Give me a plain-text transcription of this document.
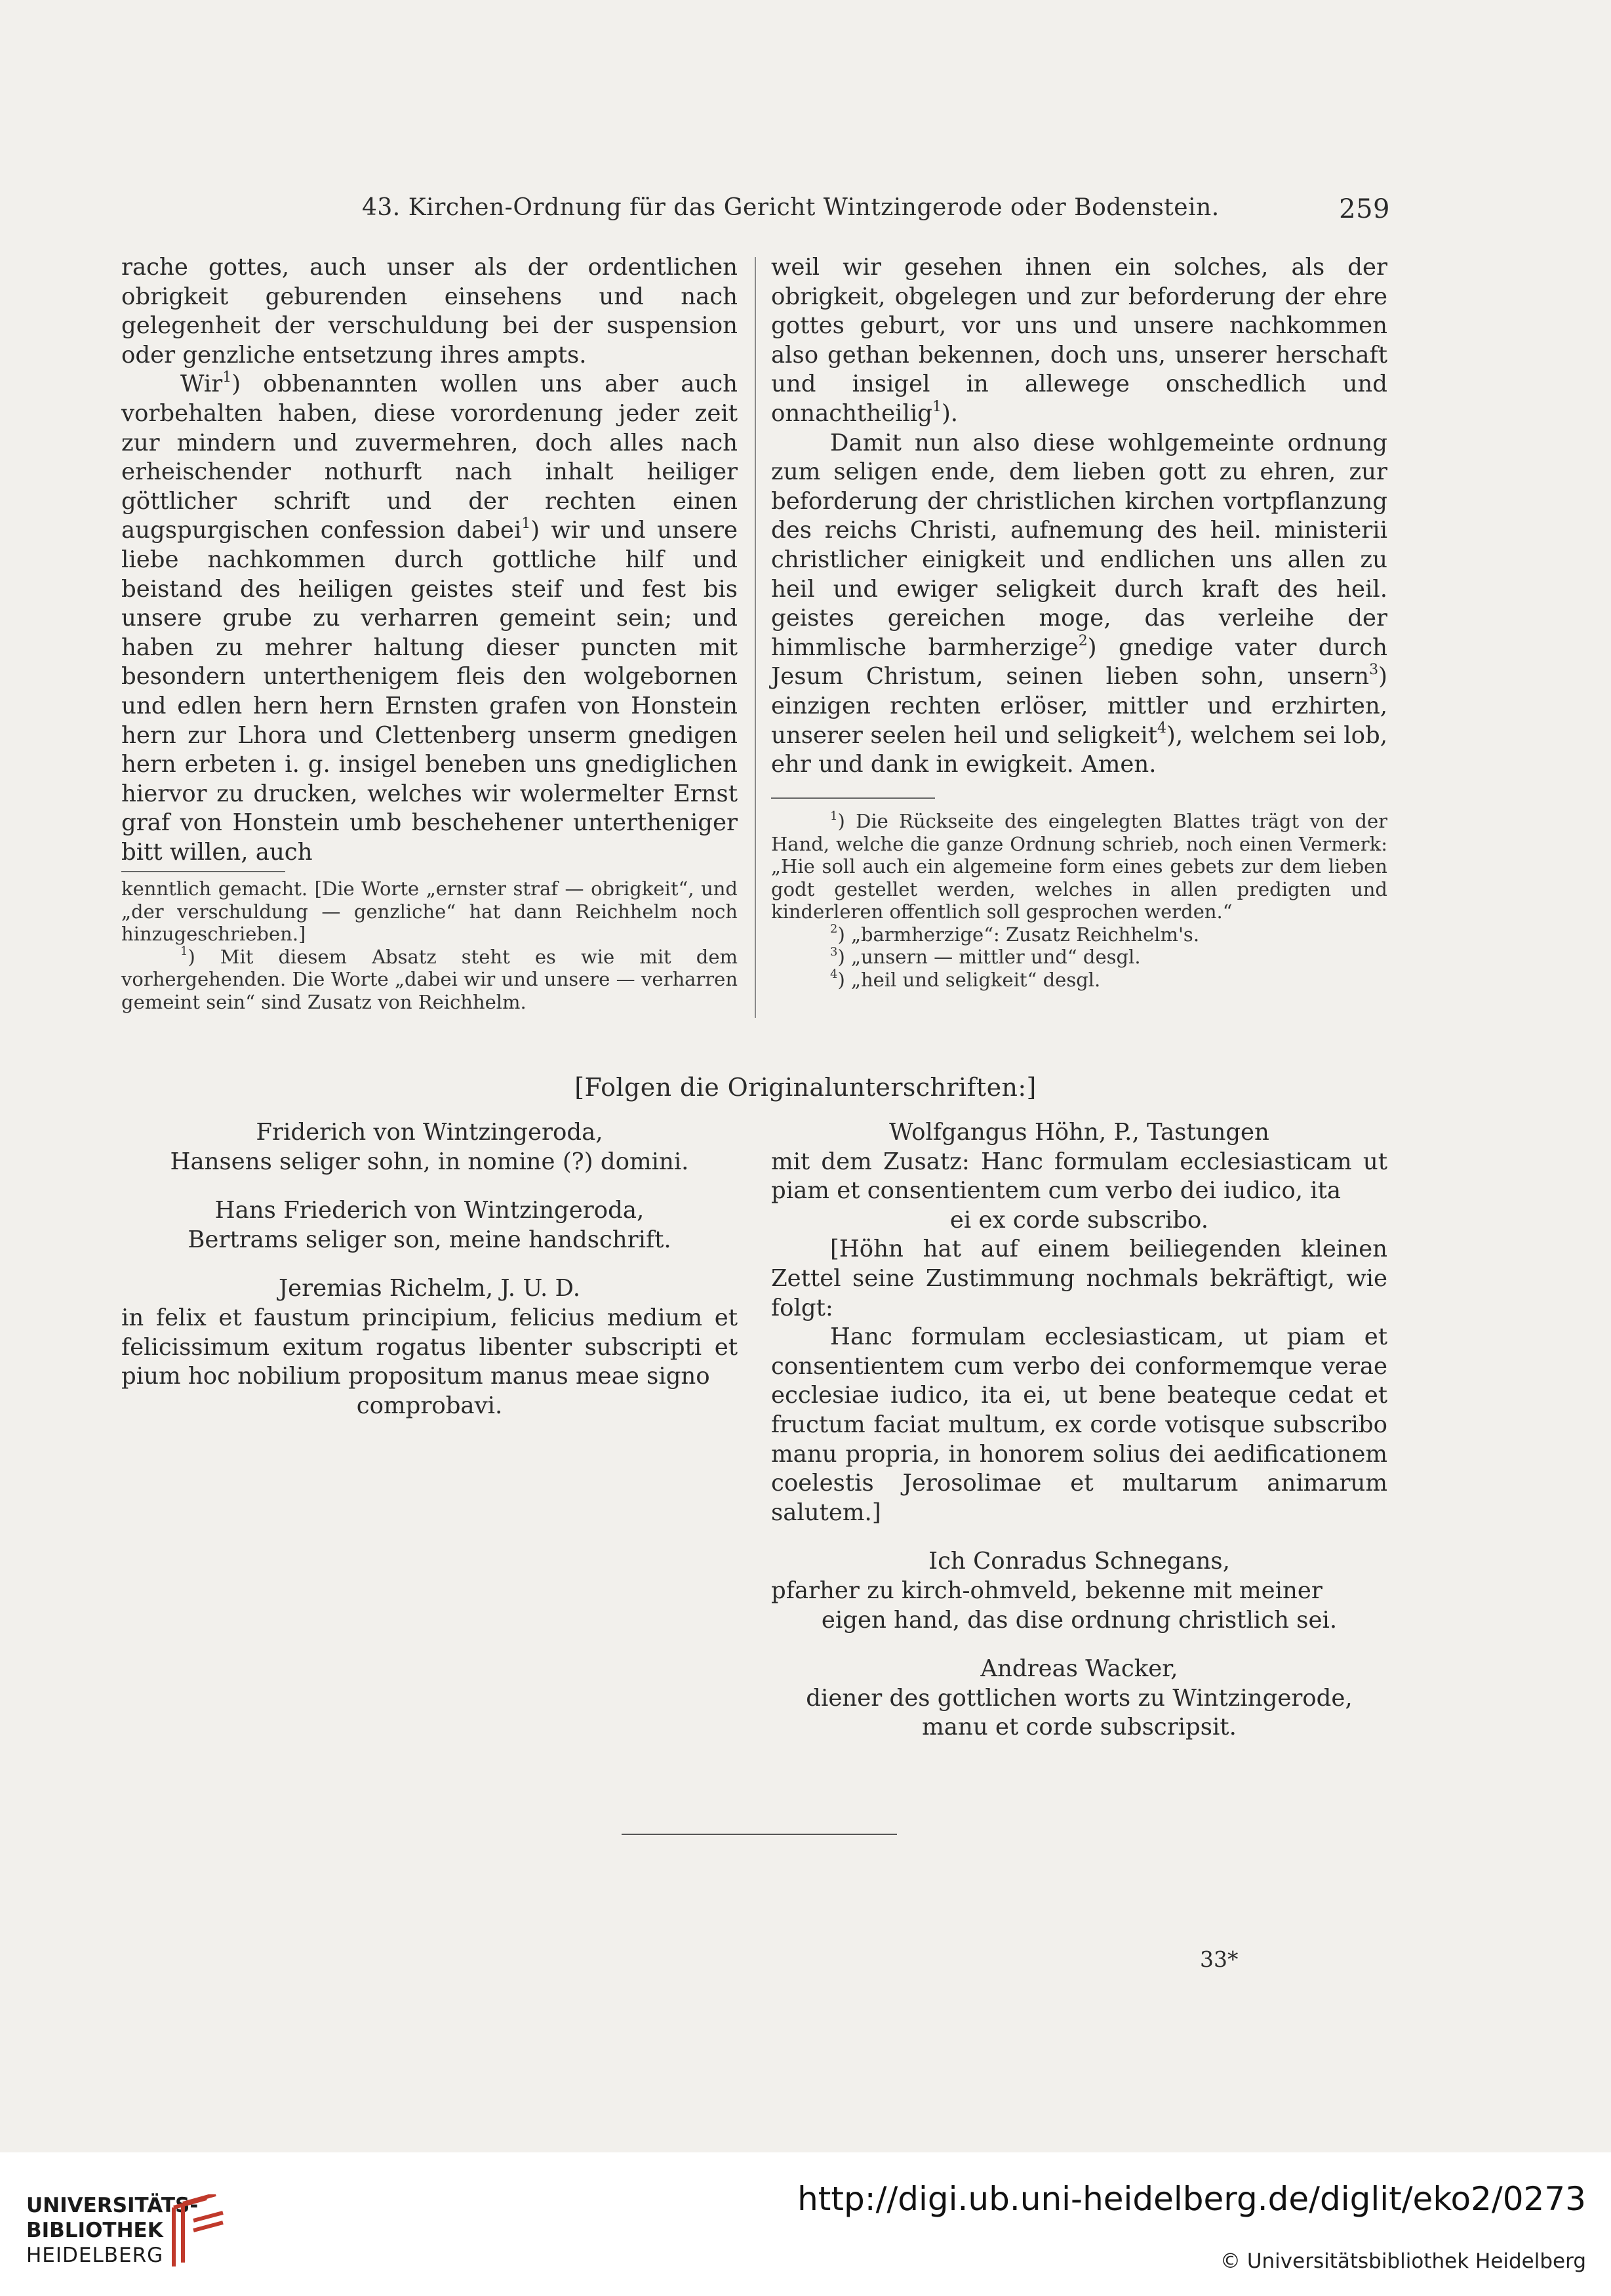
43. Kirchen-Ordnung für das Gericht Wintzingerode oder Bodenstein.	259

rache gottes, auch unser als der ordentlichen obrigkeit geburenden einsehens und nach gelegenheit der verschuldung bei der suspension oder genzliche entsetzung ihres ampts.

Wir$^1$) obbenannten wollen uns aber auch vorbehalten haben, diese vorordenung jeder zeit zur mindern und zuvermehren, doch alles nach erheischender nothurft nach inhalt heiliger göttlicher schrift und der rechten einen augspurgischen confession dabei$^1$) wir und unsere liebe nachkommen durch gottliche hilf und beistand des heiligen geistes steif und fest bis unsere grube zu verharren gemeint sein; und haben zu mehrer haltung dieser puncten mit besondern unterthenigem fleis den wolgebornen und edlen hern hern Ernsten grafen von Honstein hern zur Lhora und Clettenberg unserm gnedigen hern erbeten i. g. insigel beneben uns gnediglichen hiervor zu drucken, welches wir wolermelter Ernst graf von Honstein umb beschehener untertheniger bitt willen, auch

weil wir gesehen ihnen ein solches, als der obrigkeit, obgelegen und zur beforderung der ehre gottes geburt, vor uns und unsere nachkommen also gethan bekennen, doch uns, unserer herschaft und insigel in allewege onschedlich und onnachtheilig$^1$).

Damit nun also diese wohlgemeinte ordnung zum seligen ende, dem lieben gott zu ehren, zur beforderung der christlichen kirchen vortpflanzung des reichs Christi, aufnemung des heil. ministerii christlicher einigkeit und endlichen uns allen zu heil und ewiger seligkeit durch kraft des heil. geistes gereichen moge, das verleihe der himmlische barmherzige$^2$) gnedige vater durch Jesum Christum, seinen lieben sohn, unsern$^3$) einzigen rechten erlöser, mittler und erzhirten, unserer seelen heil und seligkeit$^4$), welchem sei lob, ehr und dank in ewigkeit. Amen.

kenntlich gemacht. [Die Worte „ernster straf — obrigkeit“, und „der verschuldung — genzliche“ hat dann Reichhelm noch hinzugeschrieben.]

$^1$) Mit diesem Absatz steht es wie mit dem vorhergehenden. Die Worte „dabei wir und unsere — verharren gemeint sein“ sind Zusatz von Reichhelm.

$^1$) Die Rückseite des eingelegten Blattes trägt von der Hand, welche die ganze Ordnung schrieb, noch einen Vermerk: „Hie soll auch ein algemeine form eines gebets zur dem lieben godt gestellet werden, welches in allen predigten und kinderleren offentlich soll gesprochen werden.“

$^2$) „barmherzige“: Zusatz Reichhelm's.

$^3$) „unsern — mittler und“ desgl.

$^4$) „heil und seligkeit“ desgl.

[Folgen die Originalunterschriften:]

Friderich von Wintzingeroda,

Hansens seliger sohn, in nomine (?) domini.

Hans Friederich von Wintzingeroda,

Bertrams seliger son, meine handschrift.

Jeremias Richelm, J. U. D.

in felix et faustum principium, felicius medium et felicissimum exitum rogatus libenter subscripti et pium hoc nobilium propositum manus meae signo

comprobavi.

Wolfgangus Höhn, P., Tastungen

mit dem Zusatz: Hanc formulam ecclesiasticam ut piam et consentientem cum verbo dei iudico, ita

ei ex corde subscribo.

[Höhn hat auf einem beiliegenden kleinen Zettel seine Zustimmung nochmals bekräftigt, wie folgt:

Hanc formulam ecclesiasticam, ut piam et consentientem cum verbo dei conformemque verae ecclesiae iudico, ita ei, ut bene beateque cedat et fructum faciat multum, ex corde votisque subscribo manu propria, in honorem solius dei aedificationem coelestis Jerosolimae et multarum animarum salutem.]

Ich Conradus Schnegans,

pfarher zu kirch-ohmveld, bekenne mit meiner

eigen hand, das dise ordnung christlich sei.

Andreas Wacker,

diener des gottlichen worts zu Wintzingerode,

manu et corde subscripsit.

33*
UNIVERSITÄTS-
BIBLIOTHEK
HEIDELBERG
http://digi.ub.uni-heidelberg.de/diglit/eko2/0273
© Universitätsbibliothek Heidelberg
